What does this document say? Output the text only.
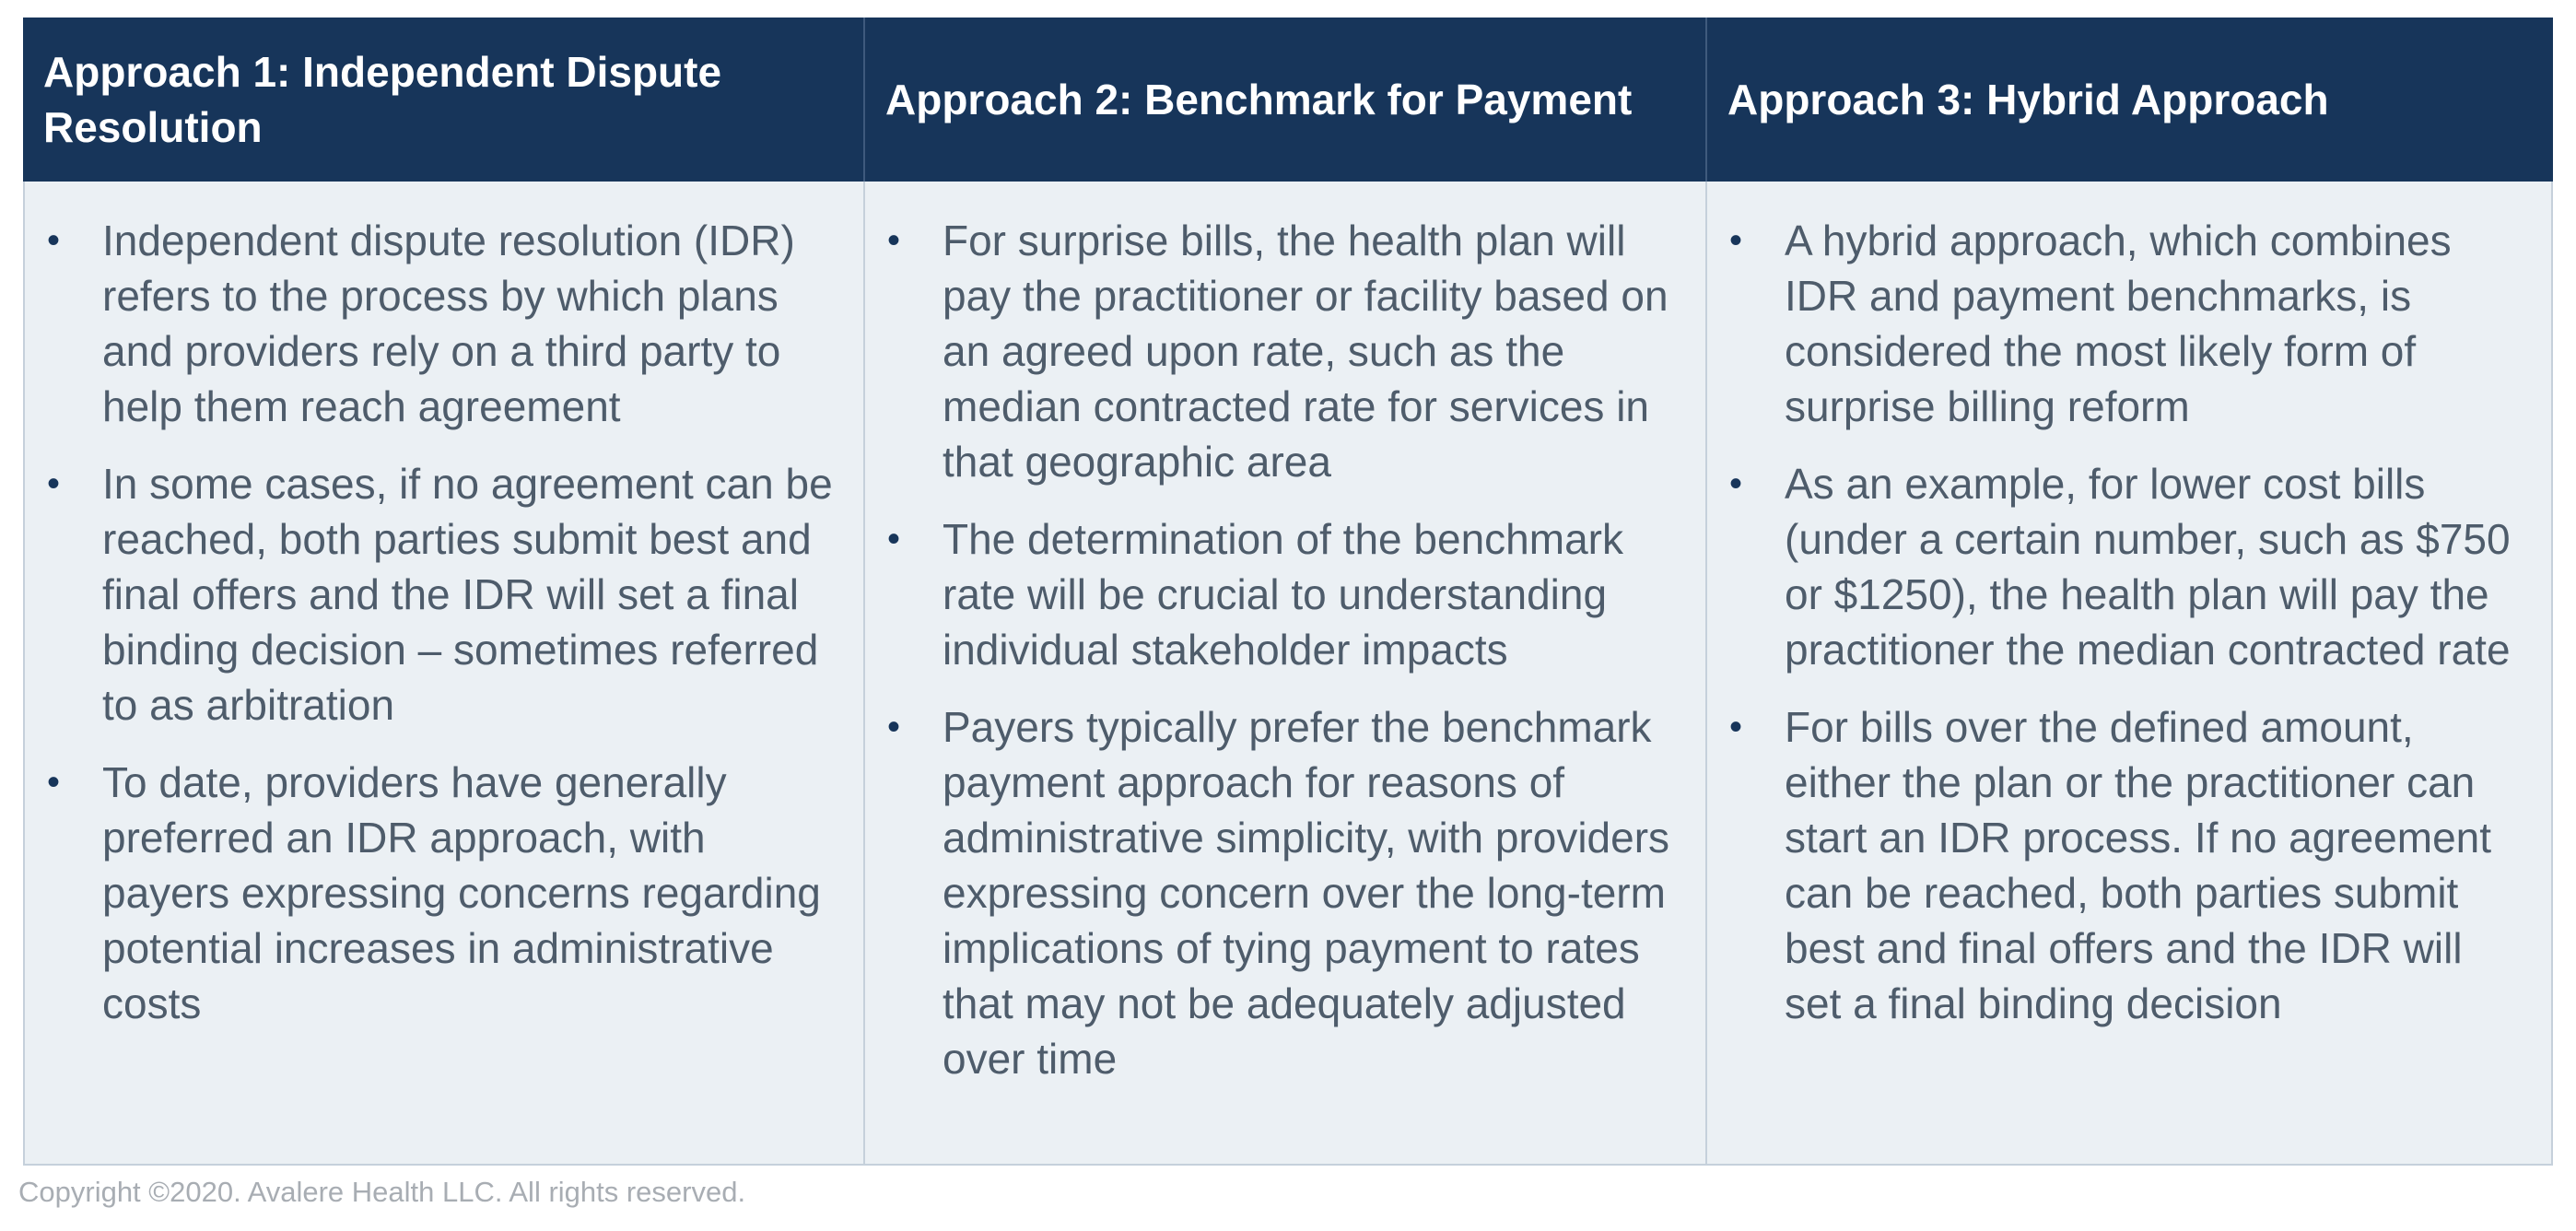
Approach 1: Independent Dispute Resolution
Approach 2: Benchmark for Payment	Approach 3: Hybrid Approach
• Independent dispute resolution (IDR) refers to the process by which plans and providers rely on a third party to help them reach agreement
• In some cases, if no agreement can be reached, both parties submit best and final offers and the IDR will set a final binding decision – sometimes referred to as arbitration
• To date, providers have generally preferred an IDR approach, with payers expressing concerns regarding potential increases in administrative costs
• For surprise bills, the health plan will pay the practitioner or facility based on an agreed upon rate, such as the median contracted rate for services in that geographic area
• The determination of the benchmark rate will be crucial to understanding individual stakeholder impacts
• Payers typically prefer the benchmark payment approach for reasons of administrative simplicity, with providers expressing concern over the long-term implications of tying payment to rates that may not be adequately adjusted over time
• A hybrid approach, which combines IDR and payment benchmarks, is considered the most likely form of surprise billing reform
• As an example, for lower cost bills (under a certain number, such as $750 or $1250), the health plan will pay the practitioner the median contracted rate
• For bills over the defined amount, either the plan or the practitioner can start an IDR process. If no agreement can be reached, both parties submit best and final offers and the IDR will set a final binding decision
Copyright ©2020. Avalere Health LLC. All rights reserved.
